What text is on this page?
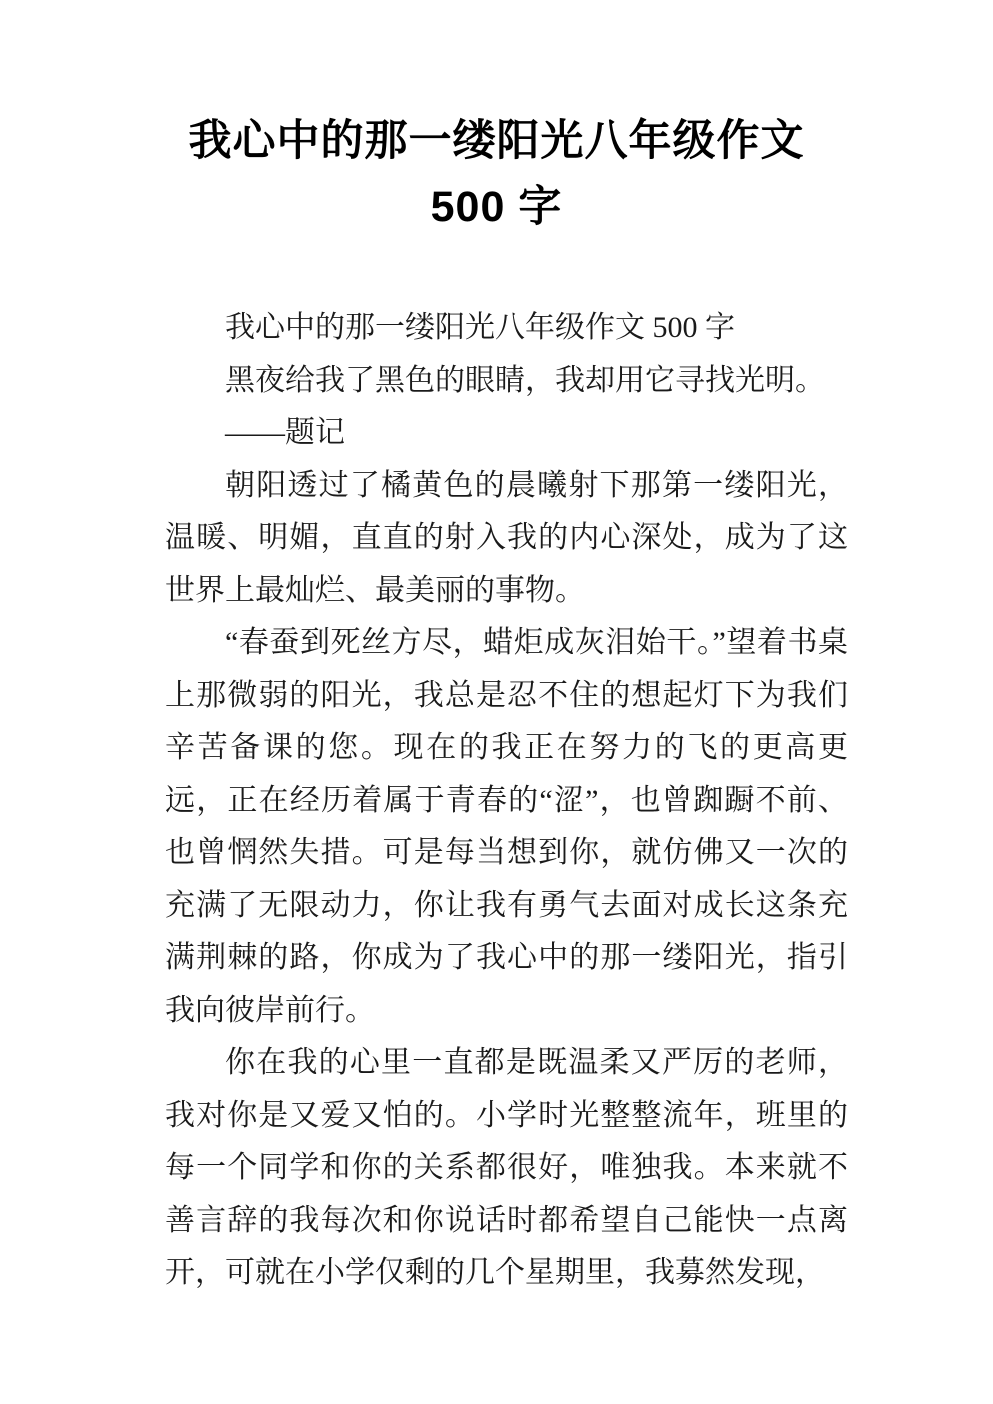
我心中的那一缕阳光八年级作文 500 字

我心中的那一缕阳光八年级作文 500 字

黑夜给我了黑色的眼睛，我却用它寻找光明。

——题记

朝阳透过了橘黄色的晨曦射下那第一缕阳光，温暖、明媚，直直的射入我的内心深处，成为了这世界上最灿烂、最美丽的事物。

“春蚕到死丝方尽，蜡炬成灰泪始干。”望着书桌上那微弱的阳光，我总是忍不住的想起灯下为我们辛苦备课的您。现在的我正在努力的飞的更高更远，正在经历着属于青春的“涩”，也曾踟蹰不前、也曾惘然失措。可是每当想到你，就仿佛又一次的充满了无限动力，你让我有勇气去面对成长这条充满荆棘的路，你成为了我心中的那一缕阳光，指引我向彼岸前行。

你在我的心里一直都是既温柔又严厉的老师，我对你是又爱又怕的。小学时光整整流年，班里的每一个同学和你的关系都很好，唯独我。本来就不善言辞的我每次和你说话时都希望自己能快一点离开，可就在小学仅剩的几个星期里，我募然发现，
